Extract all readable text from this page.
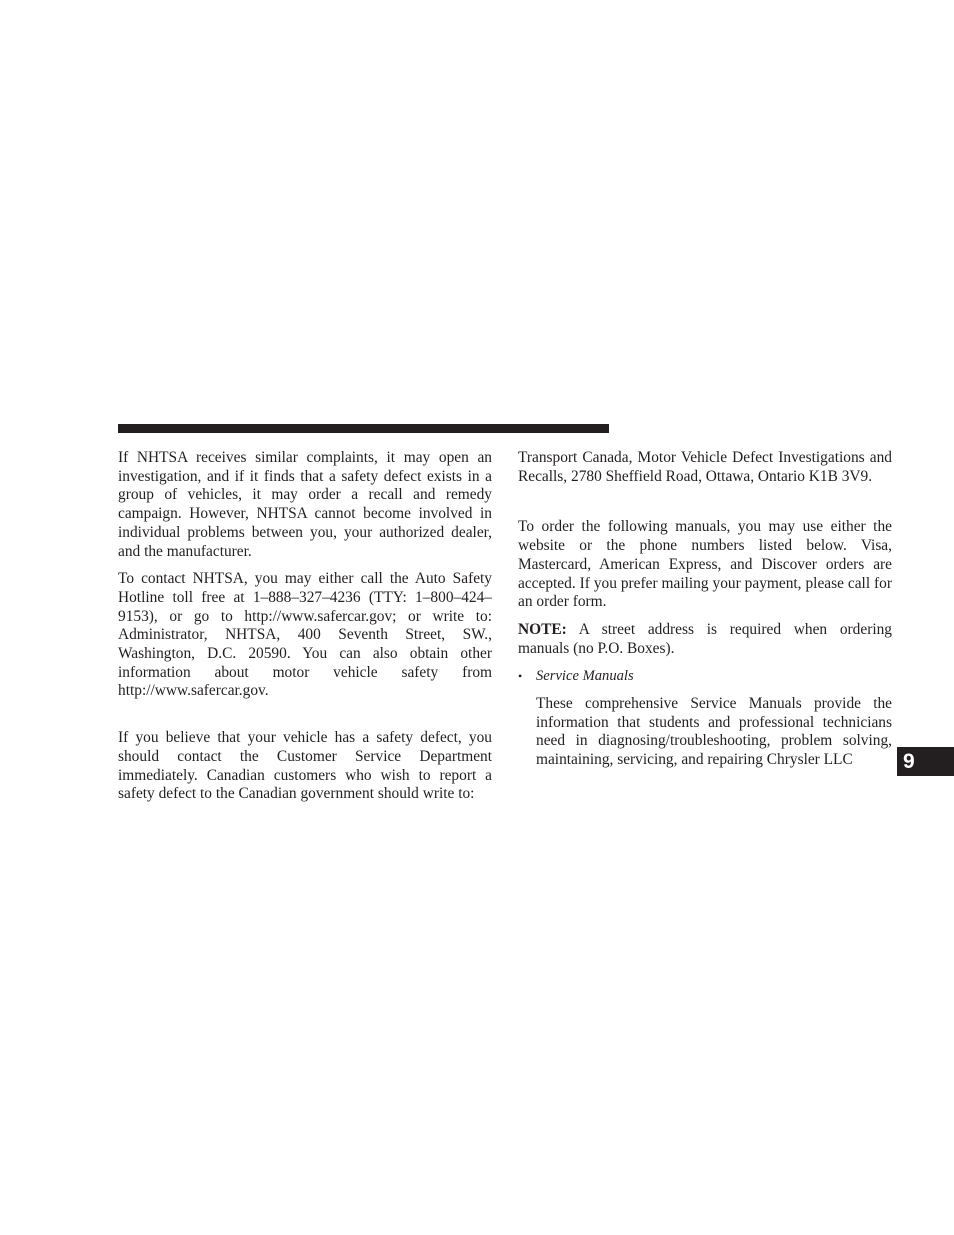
If NHTSA receives similar complaints, it may open an investigation, and if it finds that a safety defect exists in a group of vehicles, it may order a recall and remedy campaign. However, NHTSA cannot become involved in individual problems between you, your authorized dealer, and the manufacturer.

To contact NHTSA, you may either call the Auto Safety Hotline toll free at 1–888–327–4236 (TTY: 1–800–424– 9153), or go to http://www.safercar.gov; or write to: Administrator, NHTSA, 400 Seventh Street, SW., Washington, D.C. 20590. You can also obtain other information about motor vehicle safety from http://www.safercar.gov.

If you believe that your vehicle has a safety defect, you should contact the Customer Service Department immediately. Canadian customers who wish to report a safety defect to the Canadian government should write to:

Transport Canada, Motor Vehicle Defect Investigations and Recalls, 2780 Sheffield Road, Ottawa, Ontario K1B 3V9.

To order the following manuals, you may use either the website or the phone numbers listed below. Visa, Mastercard, American Express, and Discover orders are accepted. If you prefer mailing your payment, please call for an order form.

NOTE: A street address is required when ordering manuals (no P.O. Boxes).

• Service Manuals

These comprehensive Service Manuals provide the information that students and professional technicians need in diagnosing/troubleshooting, problem solving, maintaining, servicing, and repairing Chrysler LLC	9
